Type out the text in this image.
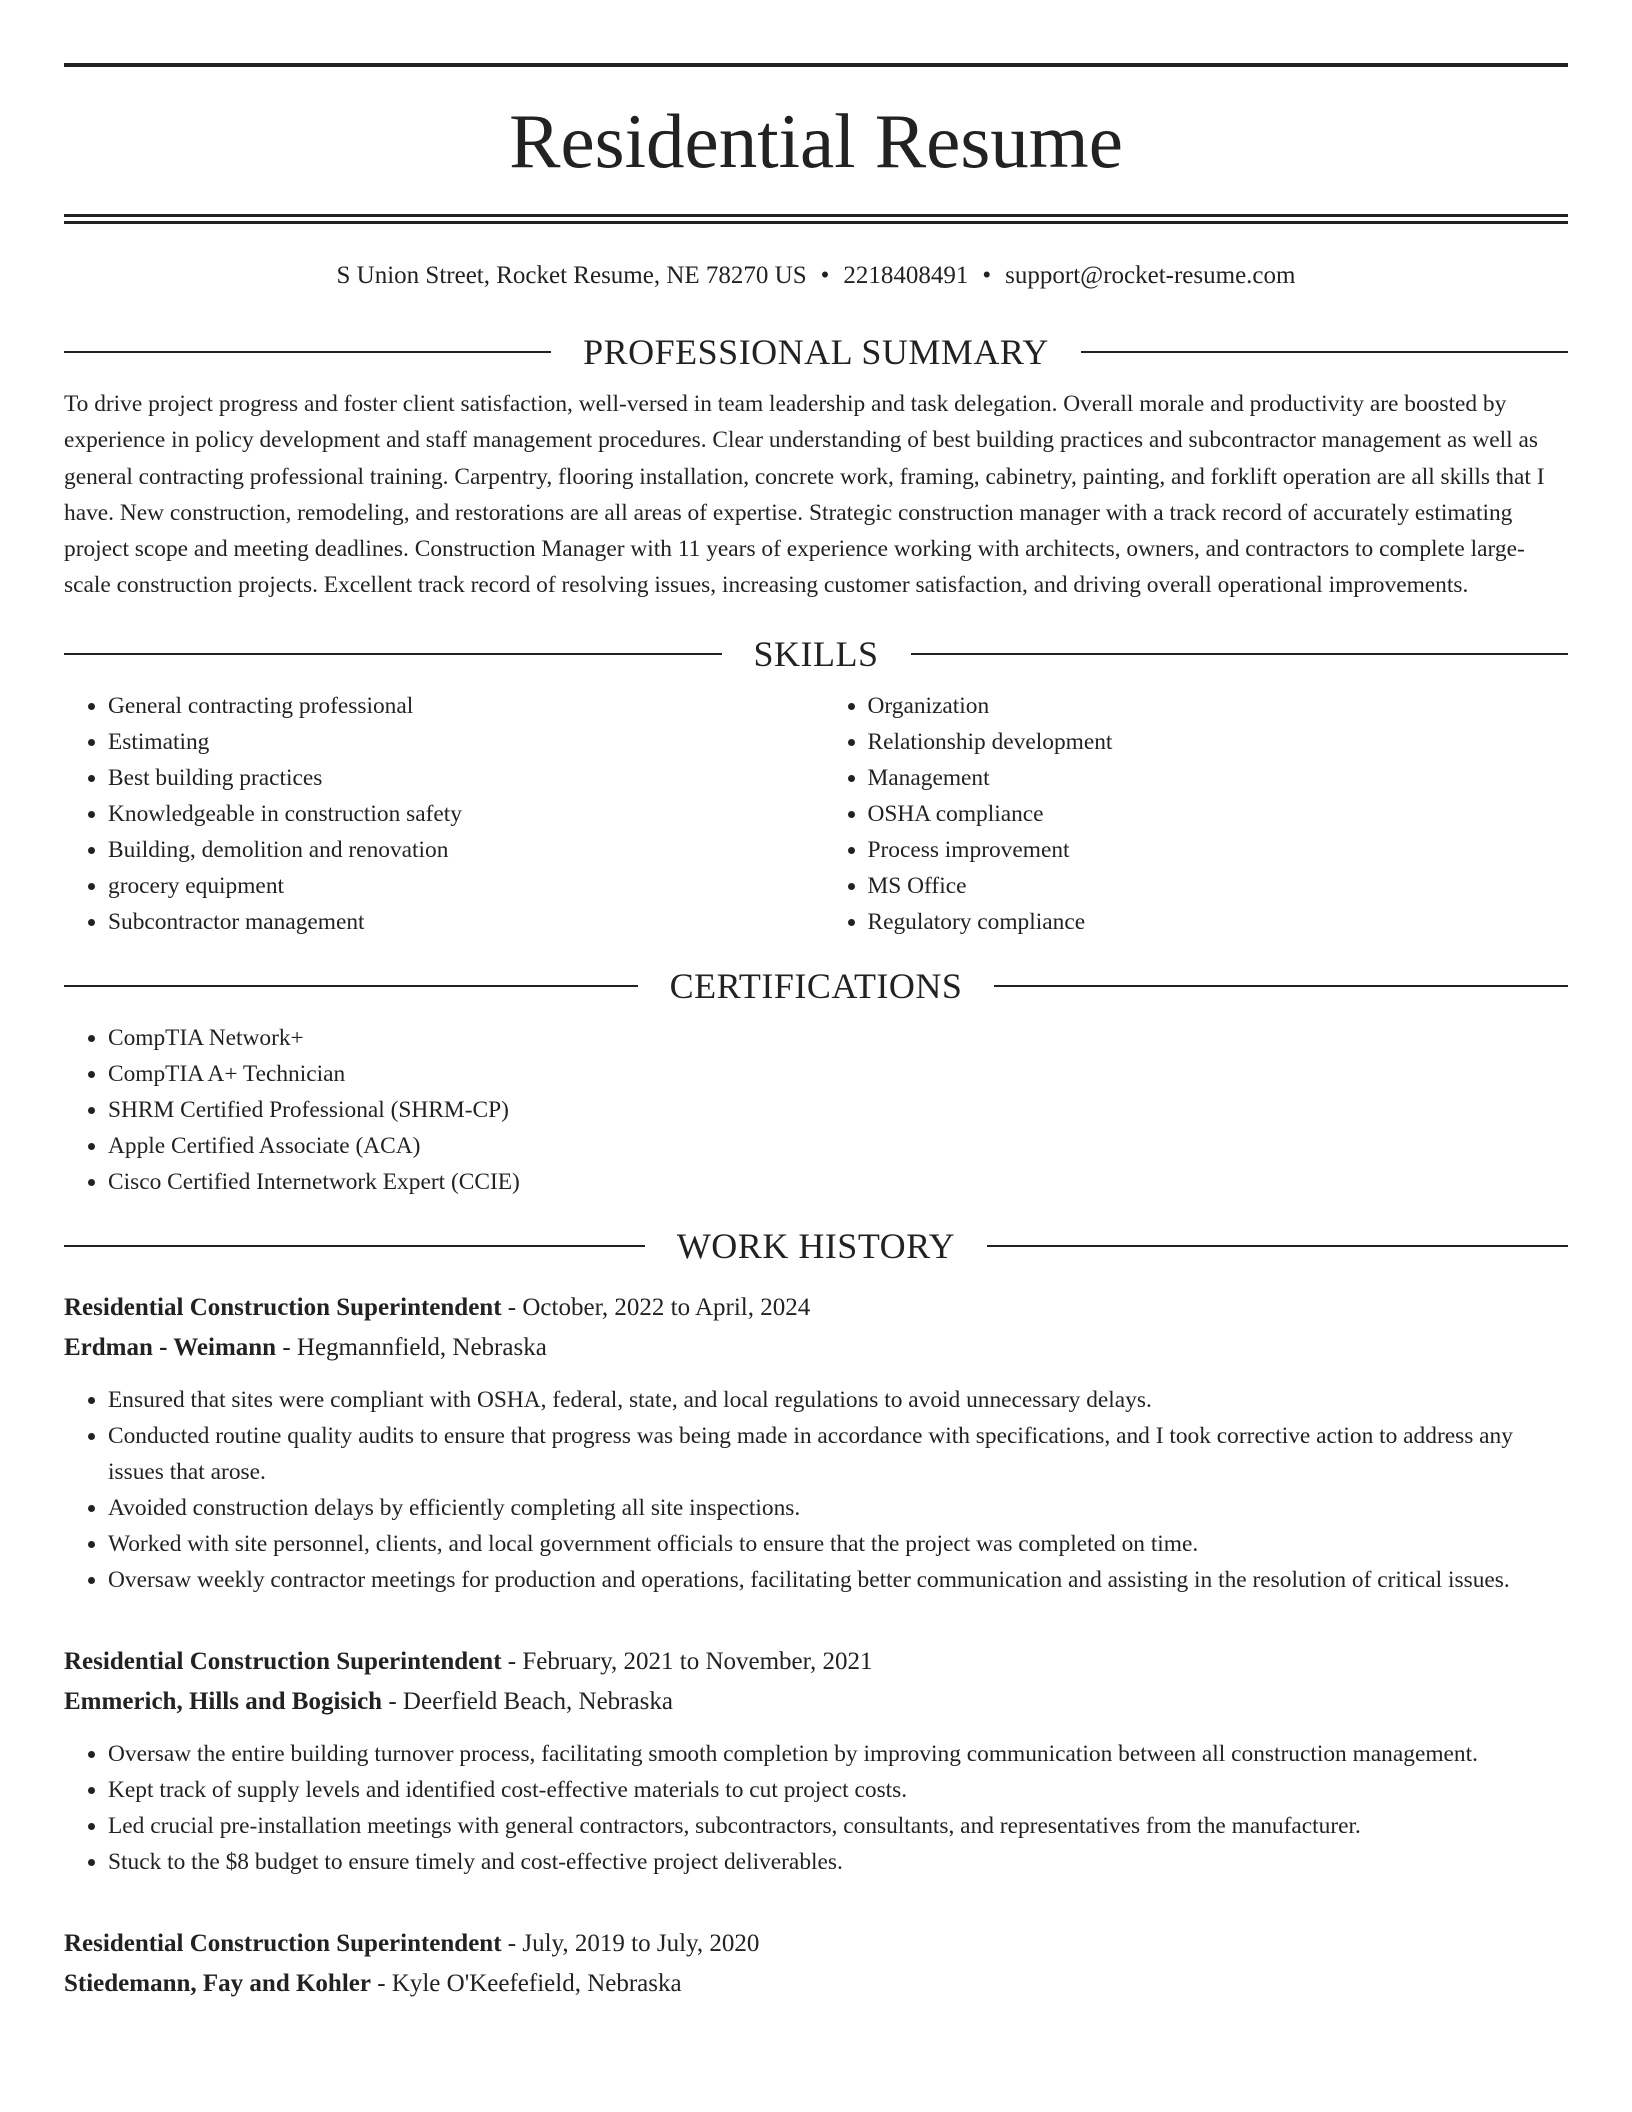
Residential Resume
S Union Street, Rocket Resume, NE 78270 US • 2218408491 • support@rocket-resume.com
PROFESSIONAL SUMMARY
To drive project progress and foster client satisfaction, well-versed in team leadership and task delegation. Overall morale and productivity are boosted by experience in policy development and staff management procedures. Clear understanding of best building practices and subcontractor management as well as general contracting professional training. Carpentry, flooring installation, concrete work, framing, cabinetry, painting, and forklift operation are all skills that I have. New construction, remodeling, and restorations are all areas of expertise. Strategic construction manager with a track record of accurately estimating project scope and meeting deadlines. Construction Manager with 11 years of experience working with architects, owners, and contractors to complete large-scale construction projects. Excellent track record of resolving issues, increasing customer satisfaction, and driving overall operational improvements.
SKILLS
• General contracting professional
• Estimating
• Best building practices
• Knowledgeable in construction safety
• Building, demolition and renovation
• grocery equipment
• Subcontractor management
• Organization
• Relationship development
• Management
• OSHA compliance
• Process improvement
• MS Office
• Regulatory compliance
CERTIFICATIONS
• CompTIA Network+
• CompTIA A+ Technician
• SHRM Certified Professional (SHRM-CP)
• Apple Certified Associate (ACA)
• Cisco Certified Internetwork Expert (CCIE)
WORK HISTORY
Residential Construction Superintendent - October, 2022 to April, 2024
Erdman - Weimann - Hegmannfield, Nebraska
• Ensured that sites were compliant with OSHA, federal, state, and local regulations to avoid unnecessary delays.
• Conducted routine quality audits to ensure that progress was being made in accordance with specifications, and I took corrective action to address any issues that arose.
• Avoided construction delays by efficiently completing all site inspections.
• Worked with site personnel, clients, and local government officials to ensure that the project was completed on time.
• Oversaw weekly contractor meetings for production and operations, facilitating better communication and assisting in the resolution of critical issues.
Residential Construction Superintendent - February, 2021 to November, 2021
Emmerich, Hills and Bogisich - Deerfield Beach, Nebraska
• Oversaw the entire building turnover process, facilitating smooth completion by improving communication between all construction management.
• Kept track of supply levels and identified cost-effective materials to cut project costs.
• Led crucial pre-installation meetings with general contractors, subcontractors, consultants, and representatives from the manufacturer.
• Stuck to the $8 budget to ensure timely and cost-effective project deliverables.
Residential Construction Superintendent - July, 2019 to July, 2020
Stiedemann, Fay and Kohler - Kyle O'Keefefield, Nebraska
